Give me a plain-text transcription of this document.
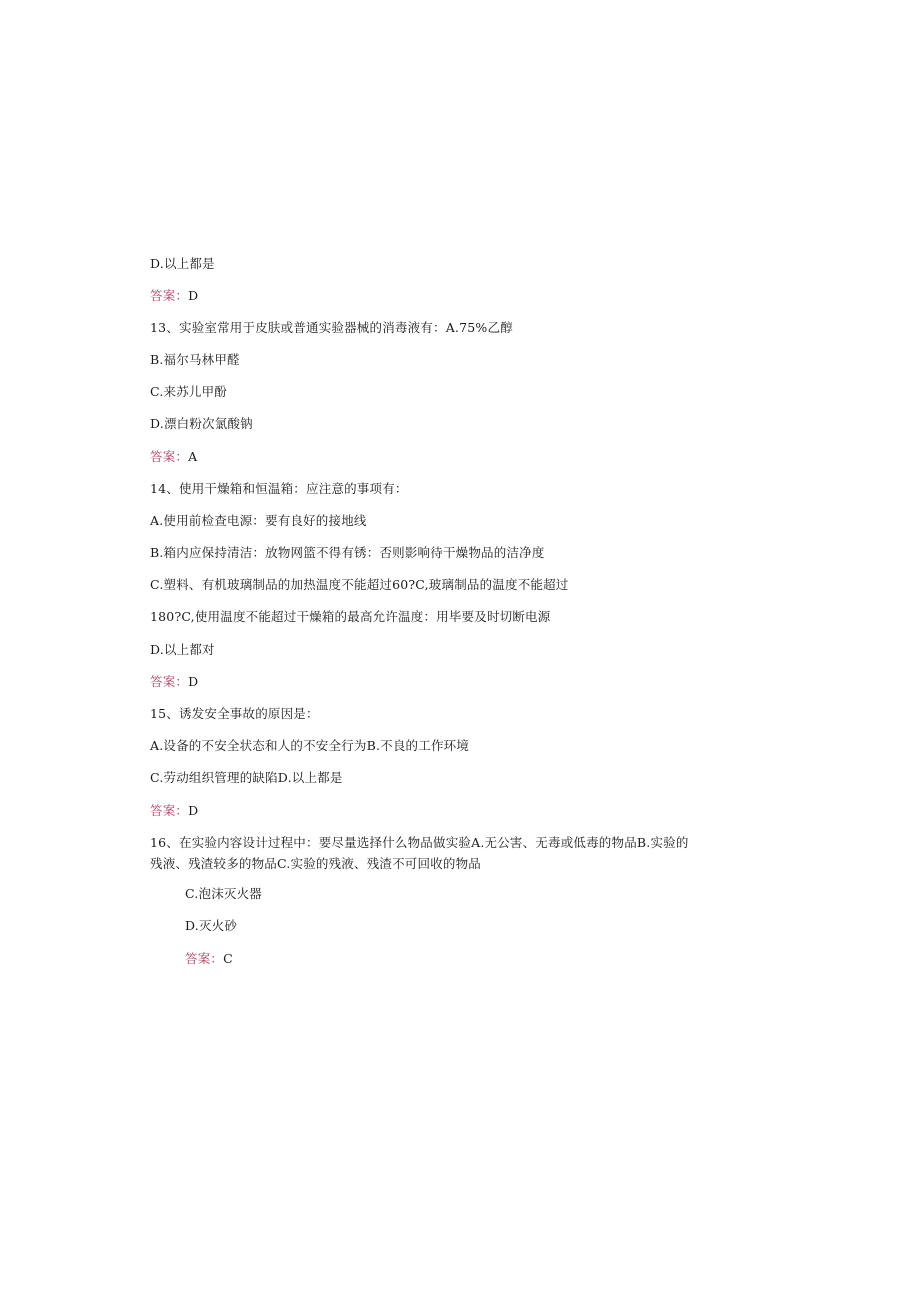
D.以上都是
答案：D
13、实验室常用于皮肤或普通实验器械的消毒液有：A.75%乙醇
B.福尔马林甲醛
C.来苏儿甲酚
D.漂白粉次氯酸钠
答案：A
14、使用干燥箱和恒温箱：应注意的事项有：
A.使用前检查电源：要有良好的接地线
B.箱内应保持清洁：放物网篮不得有锈：否则影响待干燥物品的洁净度
C.塑料、有机玻璃制品的加热温度不能超过60?C,玻璃制品的温度不能超过
180?C,使用温度不能超过干燥箱的最高允许温度：用毕要及时切断电源
D.以上都对
答案：D
15、诱发安全事故的原因是：
A.设备的不安全状态和人的不安全行为B.不良的工作环境
C.劳动组织管理的缺陷D.以上都是
答案：D
16、在实验内容设计过程中：要尽量选择什么物品做实验A.无公害、无毒或低毒的物品B.实验的残液、残渣较多的物品C.实验的残液、残渣不可回收的物品
C.泡沫灭火器
D.灭火砂
答案：C
